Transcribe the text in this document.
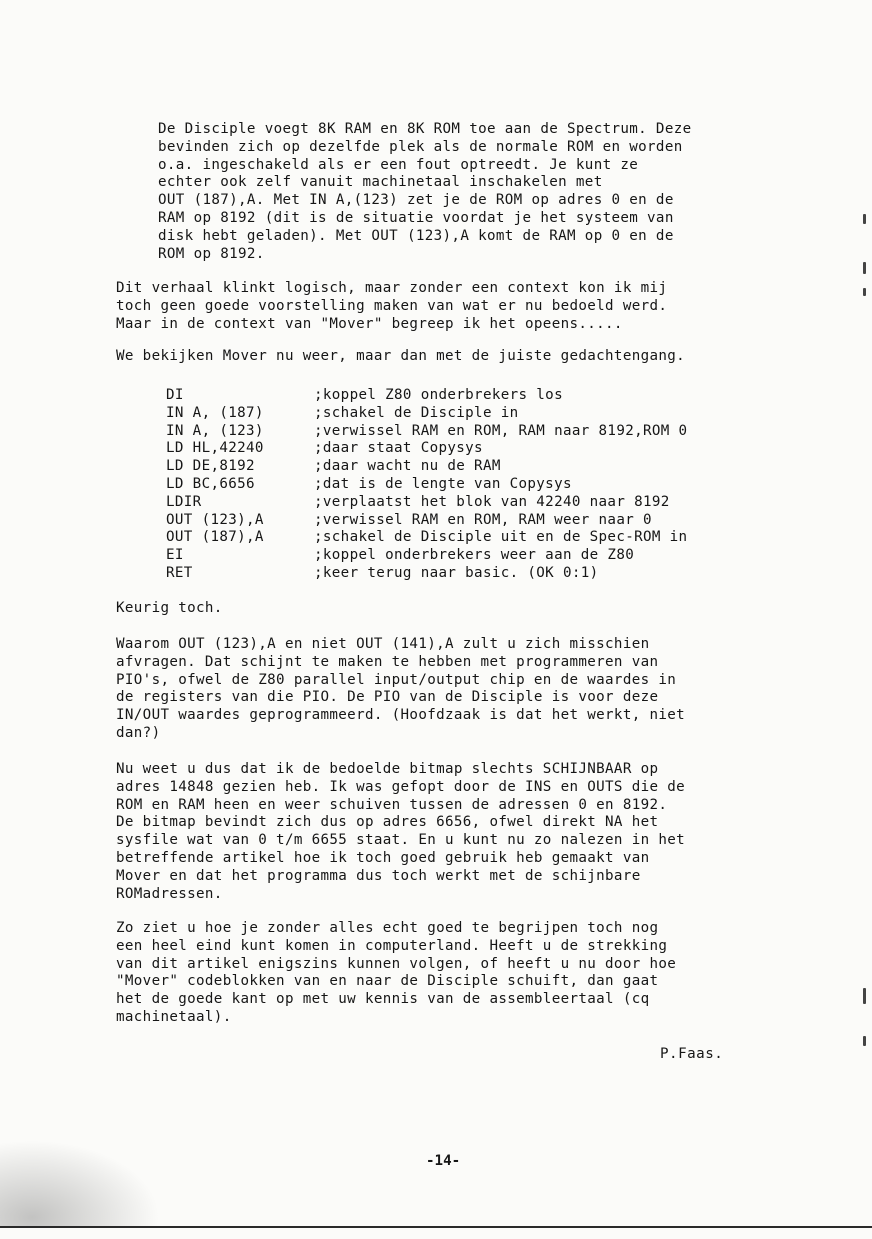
De Disciple voegt 8K RAM en 8K ROM toe aan de Spectrum. Deze
bevinden zich op dezelfde plek als de normale ROM en worden
o.a. ingeschakeld als er een fout optreedt. Je kunt ze
echter ook zelf vanuit machinetaal inschakelen met
OUT (187),A. Met IN A,(123) zet je de ROM op adres 0 en de
RAM op 8192 (dit is de situatie voordat je het systeem van
disk hebt geladen). Met OUT (123),A komt de RAM op 0 en de
ROM op 8192.

Dit verhaal klinkt logisch, maar zonder een context kon ik mij
toch geen goede voorstelling maken van wat er nu bedoeld werd.
Maar in de context van "Mover" begreep ik het opeens.....

We bekijken Mover nu weer, maar dan met de juiste gedachtengang.

DI	;koppel Z80 onderbrekers los
IN A, (187)	;schakel de Disciple in
IN A, (123)	;verwissel RAM en ROM, RAM naar 8192,ROM 0
LD HL,42240	;daar staat Copysys
LD DE,8192	;daar wacht nu de RAM
LD BC,6656	;dat is de lengte van Copysys
LDIR	;verplaatst het blok van 42240 naar 8192
OUT (123),A	;verwissel RAM en ROM, RAM weer naar 0
OUT (187),A	;schakel de Disciple uit en de Spec-ROM in
EI	;koppel onderbrekers weer aan de Z80
RET	;keer terug naar basic. (OK 0:1)

Keurig toch.

Waarom OUT (123),A en niet OUT (141),A zult u zich misschien
afvragen. Dat schijnt te maken te hebben met programmeren van
PIO's, ofwel de Z80 parallel input/output chip en de waardes in
de registers van die PIO. De PIO van de Disciple is voor deze
IN/OUT waardes geprogrammeerd. (Hoofdzaak is dat het werkt, niet
dan?)

Nu weet u dus dat ik de bedoelde bitmap slechts SCHIJNBAAR op
adres 14848 gezien heb. Ik was gefopt door de INS en OUTS die de
ROM en RAM heen en weer schuiven tussen de adressen 0 en 8192.
De bitmap bevindt zich dus op adres 6656, ofwel direkt NA het
sysfile wat van 0 t/m 6655 staat. En u kunt nu zo nalezen in het
betreffende artikel hoe ik toch goed gebruik heb gemaakt van
Mover en dat het programma dus toch werkt met de schijnbare
ROMadressen.

Zo ziet u hoe je zonder alles echt goed te begrijpen toch nog
een heel eind kunt komen in computerland. Heeft u de strekking
van dit artikel enigszins kunnen volgen, of heeft u nu door hoe
"Mover" codeblokken van en naar de Disciple schuift, dan gaat
het de goede kant op met uw kennis van de assembleertaal (cq
machinetaal).

P.Faas.
-14-
